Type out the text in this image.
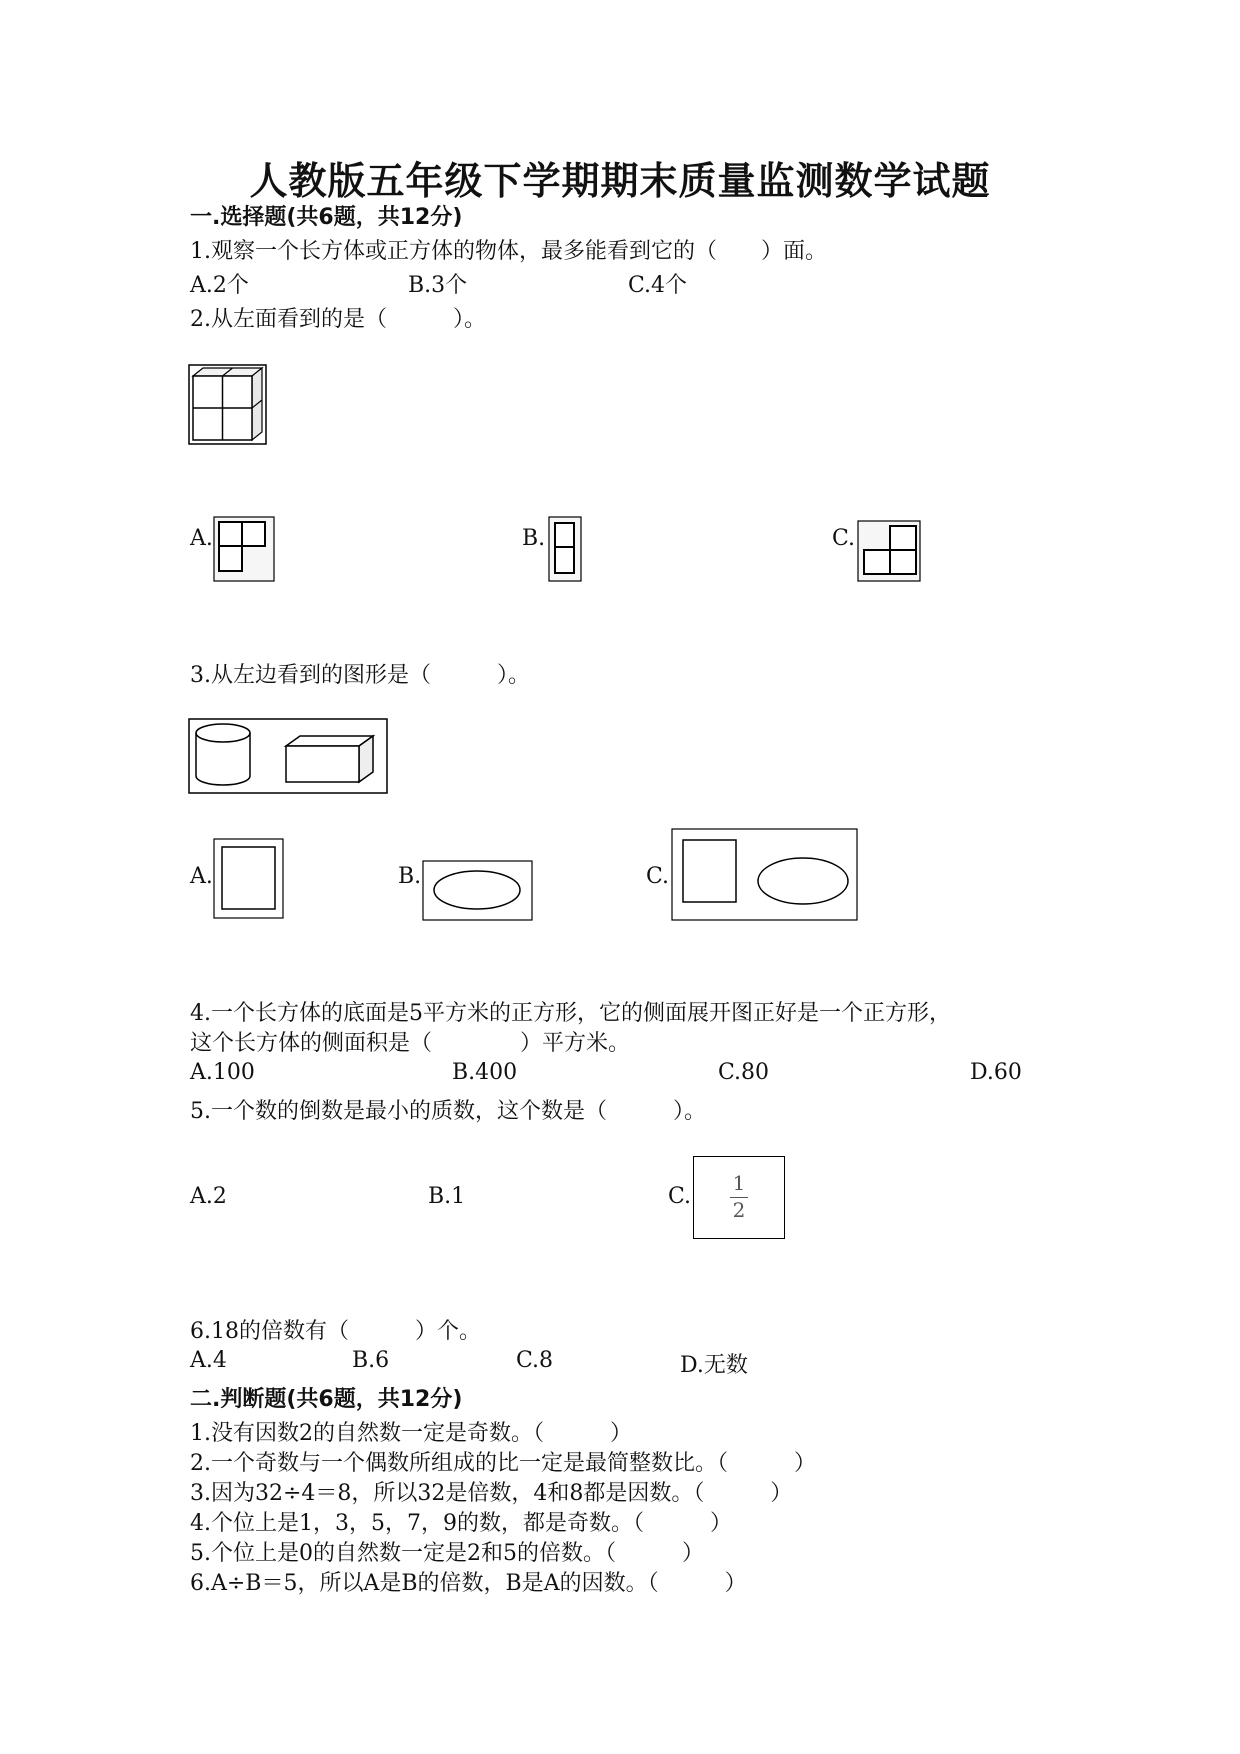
人教版五年级下学期期末质量监测数学试题
一.选择题(共6题，共12分)
1.观察一个长方体或正方体的物体，最多能看到它的（　　）面。
A.2个	B.3个	C.4个
2.从左面看到的是（　　　）。
A.	B.	C.
3.从左边看到的图形是（　　　）。
A.	B.	C.
4.一个长方体的底面是5平方米的正方形，它的侧面展开图正好是一个正方形，
这个长方体的侧面积是（　　　　）平方米。
A.100	B.400	C.80	D.60
5.一个数的倒数是最小的质数，这个数是（　　　）。
A.2	B.1	C.
1
2
6.18的倍数有（　　　）个。
A.4	B.6	C.8	D.无数
二.判断题(共6题，共12分)
1.没有因数2的自然数一定是奇数。（　　　）
2.一个奇数与一个偶数所组成的比一定是最简整数比。（　　　）
3.因为32÷4＝8，所以32是倍数，4和8都是因数。（　　　）
4.个位上是1，3，5，7，9的数，都是奇数。（　　　）
5.个位上是0的自然数一定是2和5的倍数。（　　　）
6.A÷B＝5，所以A是B的倍数，B是A的因数。（　　　）
